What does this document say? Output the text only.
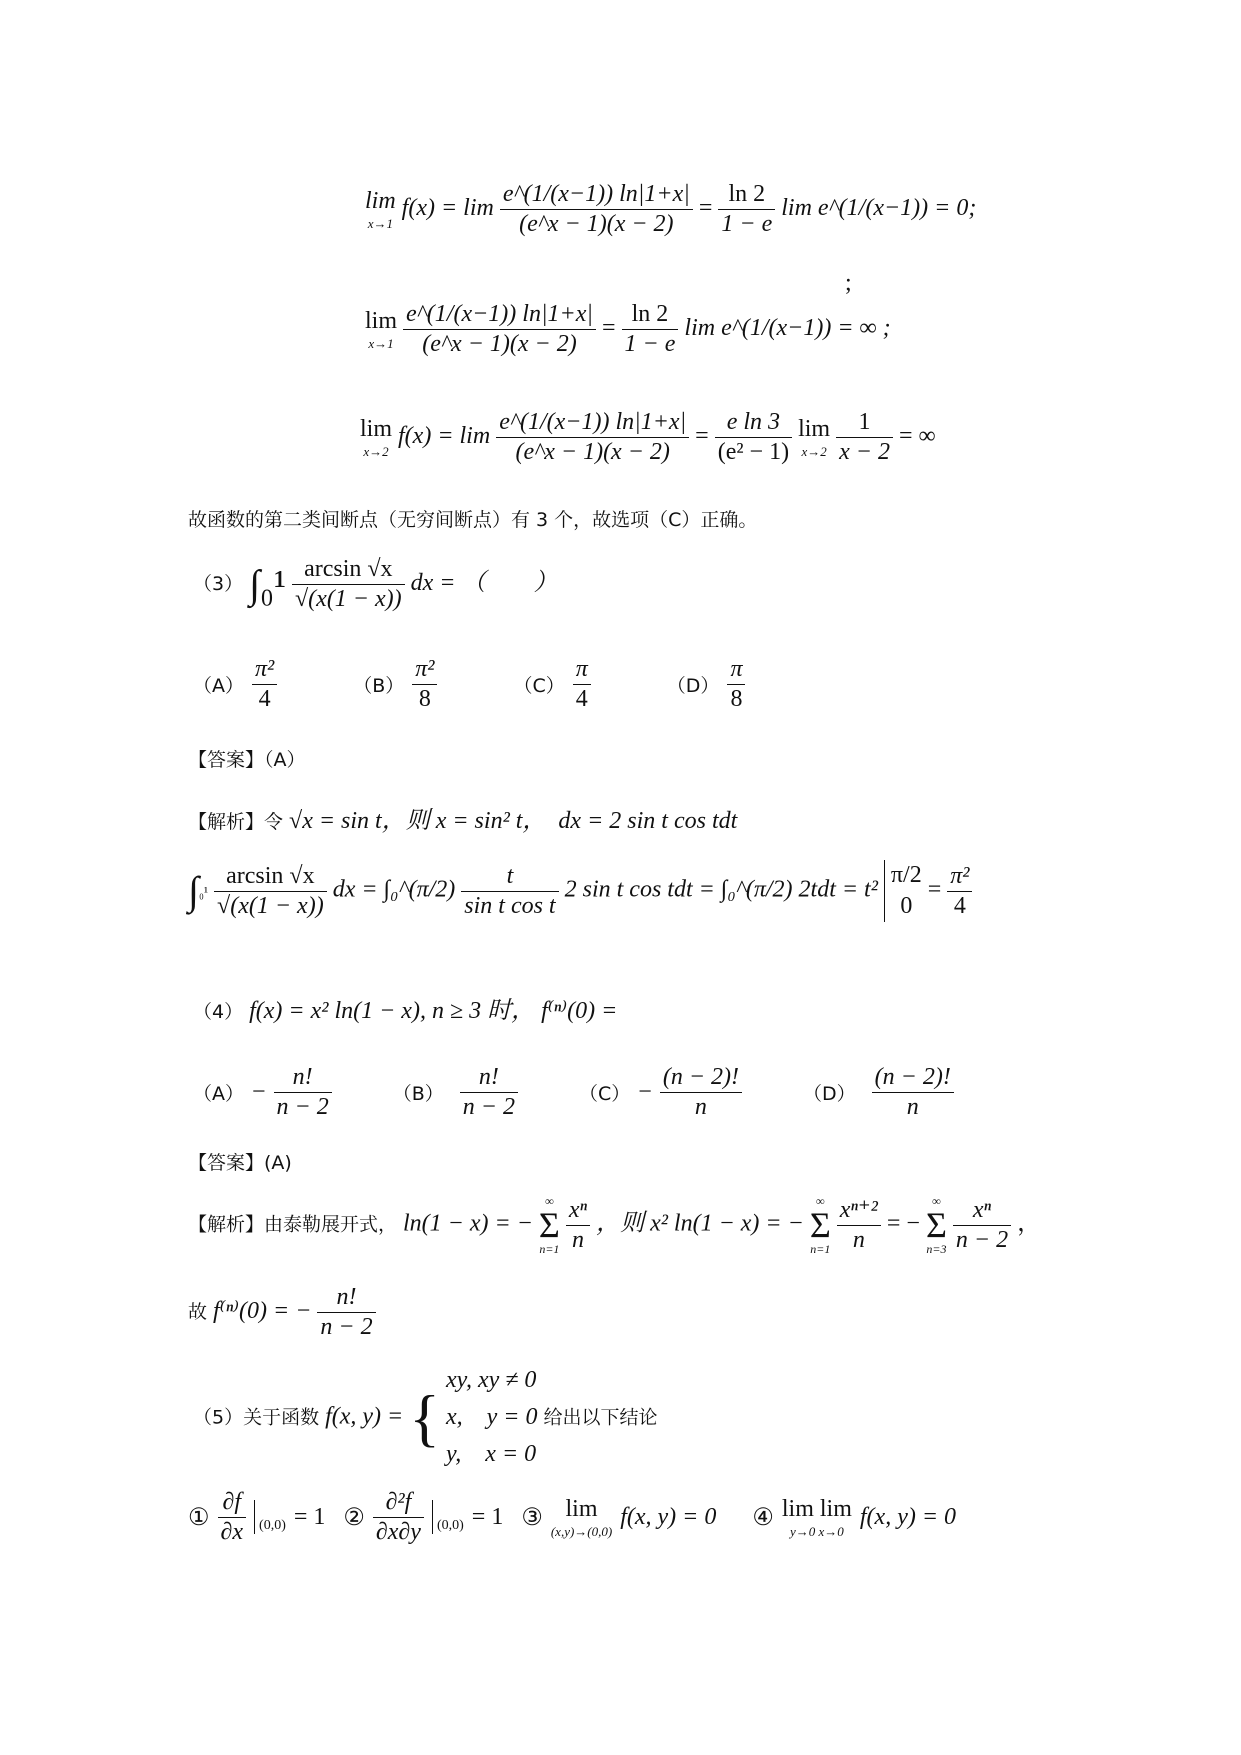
lim
x→1
$f(x) = \lim \frac{e\^{}(1/(x-1)) \ln|1+x|}{(e\^{}x - 1)(x - 2)} = \frac{\ln 2}{1 - e}$ lim e^(1/(x−1)) = 0;
;
lim
x→1
$\frac{e\^{}(1/(x-1)) \ln|1+x|}{(e\^{}x - 1)(x - 2)} = \frac{\ln 2}{1 - e}$ lim e^(1/(x−1)) = ∞ ;
lim
x→2
$f(x) = \lim \frac{e\^{}(1/(x-1)) \ln|1+x|}{(e\^{}x - 1)(x - 2)} = \frac{\text{e ln 3}}{\text{(e² − 1)}}$ lim
x→2
$\frac{1}{x - 2}$ = ∞
故函数的第二类间断点（无穷间断点）有 3 个，故选项（C）正确。
（3） $\int_0^1 \frac{\arcsin √x}{√(x(1 - x))}$ dx = （　　）
$(A) \frac{\text{π²}}{4}$
	$(B) \frac{\text{π²}}{8}$
	$(C) \frac{\pi}{4}$
	$(D) \frac{\pi}{8}$
【答案】（A）
【解析】令 √x = sin t，则 x = sin² t，　dx = 2 sin t cos tdt
$\int_0^1 \frac{\arcsin √x}{√(x(1 - x))}$ dx = ∫₀^(π/2) $\frac{t}{\text{sin t cos t}} 2$ sin t cos tdt = ∫₀^(π/2) 2tdt = t²
π/2
0
= $\frac{\text{π²}}{4}$
（4） f(x) = x² ln(1 − x), n ≥ 3 时， f⁽ⁿ⁾(0) =
$(A) - \frac{n!}{n - 2}$
	$(B) \frac{n!}{n - 2}$
	$(C) - \frac{(n - 2)!}{n}$
	$(D) \frac{(n - 2)!}{n}$
【答案】(A)
【解析】由泰勒展开式， ln(1 − x) = −
∞
Σ
n=1
$\frac{\text{xⁿ}}{n}$ ，则 x² ln(1 − x) = −
∞
Σ
n=1
$\frac{\text{xⁿ⁺²}}{n}$ = −
∞
Σ
n=3
$\frac{\text{xⁿ}}{n - 2}$ ，
故 f⁽ⁿ⁾(0) = − $\frac{n!}{n - 2}$
（5）关于函数 f(x, y) = {
xy, xy ≠ 0
x,　y = 0
y,　x = 0
给出以下结论
① $\frac{\partial f}{\partial x} (0,0) = 1$
② $\frac{\text{∂²f}}{\partial x\partial y} (0,0) = 1$
③ lim
(x,y)→(0,0)
f(x, y) = 0
④ lim lim
y→0 x→0
f(x, y) = 0
